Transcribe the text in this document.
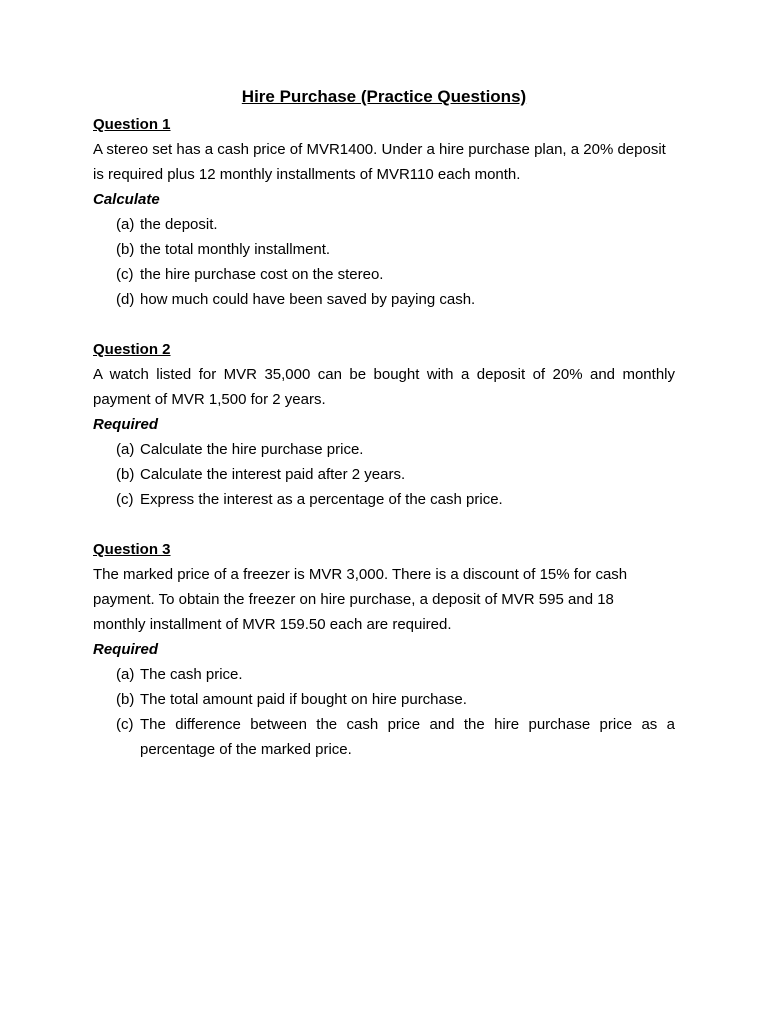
Hire Purchase (Practice Questions)
Question 1
A stereo set has a cash price of MVR1400. Under a hire purchase plan, a 20% deposit is required plus 12 monthly installments of MVR110 each month.
Calculate
(a) the deposit.
(b) the total monthly installment.
(c) the hire purchase cost on the stereo.
(d) how much could have been saved by paying cash.
Question 2
A watch listed for MVR 35,000 can be bought with a deposit of 20% and monthly payment of MVR 1,500 for 2 years.
Required
(a) Calculate the hire purchase price.
(b) Calculate the interest paid after 2 years.
(c) Express the interest as a percentage of the cash price.
Question 3
The marked price of a freezer is MVR 3,000. There is a discount of 15% for cash
payment. To obtain the freezer on hire purchase, a deposit of MVR 595 and 18
monthly installment of MVR 159.50 each are required.
Required
(a) The cash price.
(b) The total amount paid if bought on hire purchase.
(c) The difference between the cash price and the hire purchase price as a percentage of the marked price.
